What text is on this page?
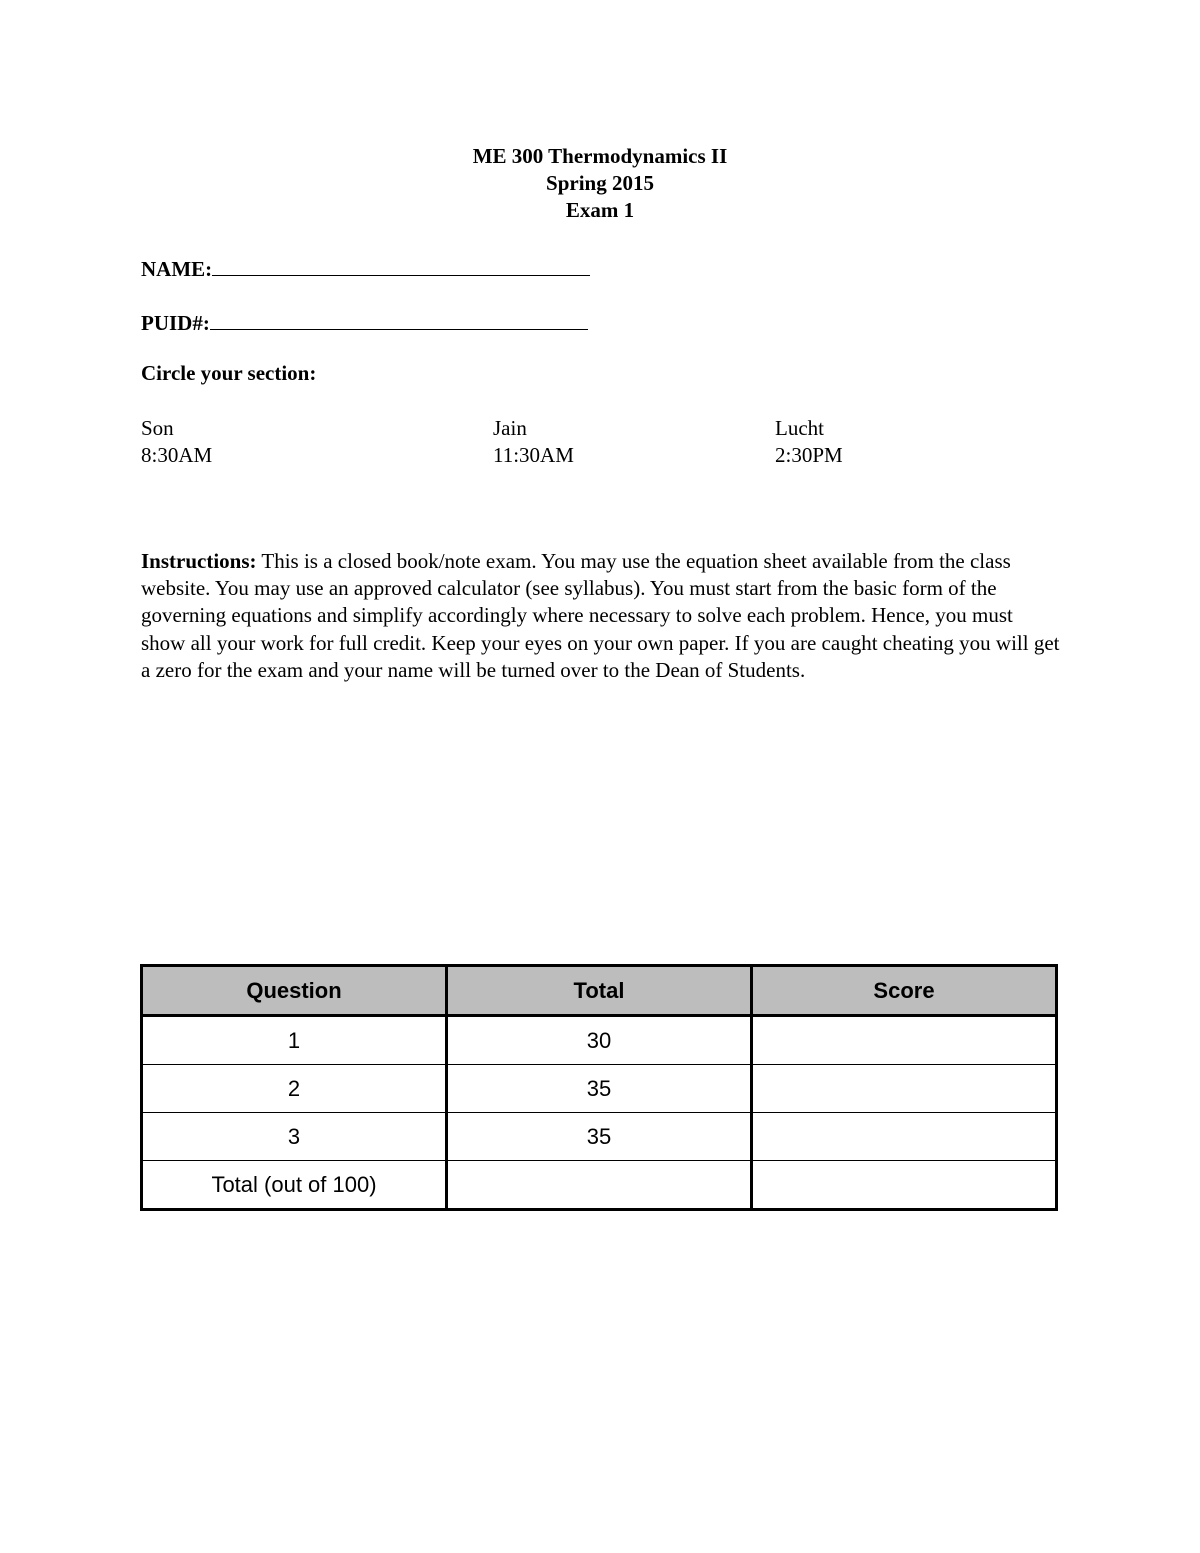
ME 300 Thermodynamics II
Spring 2015
Exam 1
NAME:
PUID#:
Circle your section:
Son
8:30AM
Jain
11:30AM
Lucht
2:30PM
Instructions: This is a closed book/note exam. You may use the equation sheet available from the class website. You may use an approved calculator (see syllabus). You must start from the basic form of the governing equations and simplify accordingly where necessary to solve each problem. Hence, you must show all your work for full credit. Keep your eyes on your own paper. If you are caught cheating you will get a zero for the exam and your name will be turned over to the Dean of Students.
Question	Total	Score
1	30	
2	35	
3	35	
Total (out of 100)		
